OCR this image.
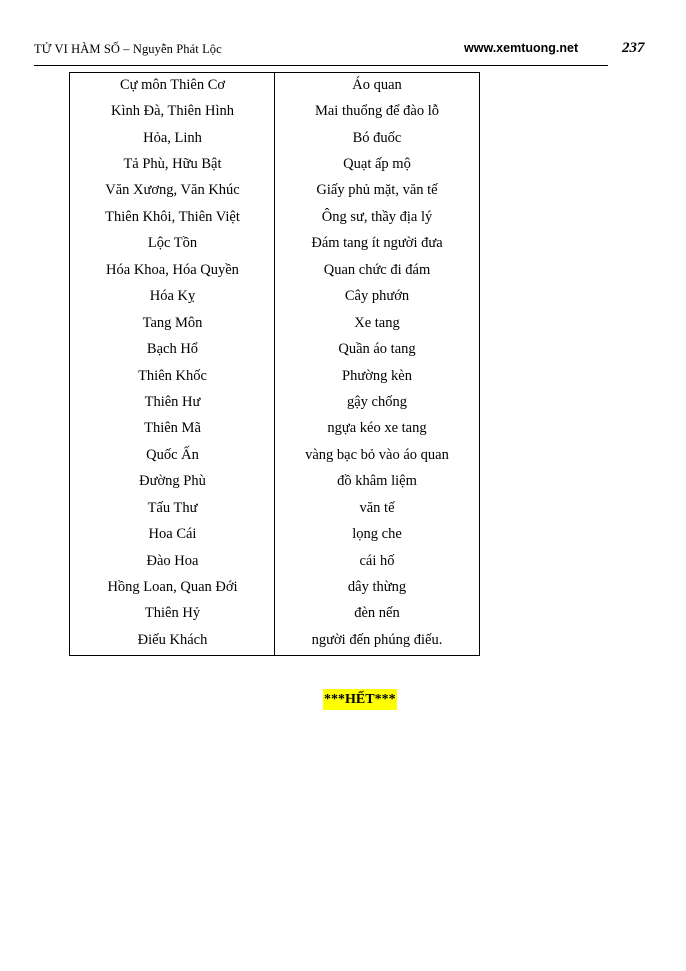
TỬ VI HÀM SỐ – Nguyễn Phát Lộc	www.xemtuong.net	237
Cự môn Thiên Cơ	Áo quan
Kình Đà, Thiên Hình	Mai thuổng để đào lỗ
Hỏa, Linh	Bó đuốc
Tả Phù, Hữu Bật	Quạt ấp mộ
Văn Xương, Văn Khúc	Giấy phủ mặt, văn tế
Thiên Khôi, Thiên Việt	Ông sư, thầy địa lý
Lộc Tồn	Đám tang ít người đưa
Hóa Khoa, Hóa Quyền	Quan chức đi đám
Hóa Kỵ	Cây phướn
Tang Môn	Xe tang
Bạch Hổ	Quần áo tang
Thiên Khốc	Phường kèn
Thiên Hư	gậy chống
Thiên Mã	ngựa kéo xe tang
Quốc Ấn	vàng bạc bỏ vào áo quan
Đường Phù	đồ khâm liệm
Tấu Thư	văn tế
Hoa Cái	lọng che
Đào Hoa	cái hố
Hồng Loan, Quan Đới	dây thừng
Thiên Hỷ	đèn nến
Điếu Khách	người đến phúng điếu.
***HẾT***
